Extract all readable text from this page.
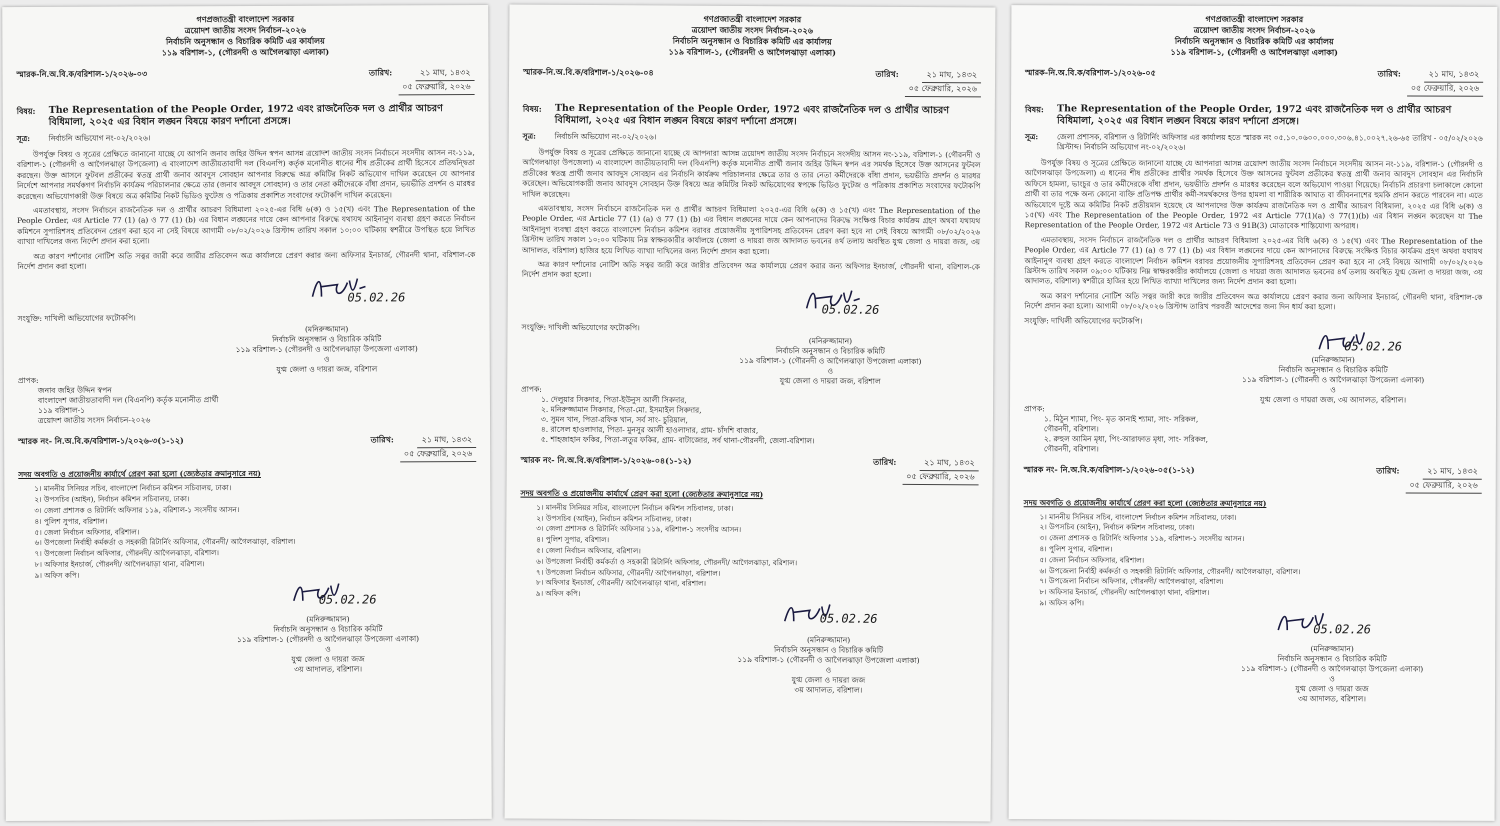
গণপ্রজাতন্ত্রী বাংলাদেশ সরকার
ত্রয়োদশ জাতীয় সংসদ নির্বাচন-২০২৬
নির্বাচনি অনুসন্ধান ও বিচারিক কমিটি এর কার্যালয়
১১৯ বরিশাল-১, (গৌরনদী ও আগৈলঝাড়া এলাকা)
স্মারক-নি.অ.বি.ক/বরিশাল-১/২০২৬-০৩	তারিখ:	২১ মাঘ, ১৪৩২
০৫ ফেব্রুয়ারি, ২০২৬
বিষয়:	The Representation of the People Order, 1972 এবং রাজনৈতিক দল ও প্রার্থীর আচরণ বিধিমালা, ২০২৫ এর বিধান লঙ্ঘন বিষয়ে কারণ দর্শানো প্রসঙ্গে।
সূত্র:	নির্বাচনি অভিযোগ নং-০২/২০২৬।

উপর্যুক্ত বিষয় ও সূত্রের প্রেক্ষিতে জানানো যাচ্ছে যে আপনি জনাব জহির উদ্দিন স্বপন আসন্ন ত্রয়োদশ জাতীয় সংসদ নির্বাচনে সংসদীয় আসন নং-১১৯, বরিশাল-১ (গৌরনদী ও আগৈলঝাড়া উপজেলা) এ বাংলাদেশ জাতীয়তাবাদী দল (বিএনপি) কর্তৃক মনোনীত ধানের শীষ প্রতীকের প্রার্থী হিসেবে প্রতিদ্বন্দ্বিতা করছেন। উক্ত আসনে ফুটবল প্রতীকের স্বতন্ত্র প্রার্থী জনাব আবদুস সোবহান আপনার বিরুদ্ধে অত্র কমিটির নিকট অভিযোগ দাখিল করেছেন যে আপনার নির্দেশে আপনার সমর্থকগণ নির্বাচনি কার্যক্রম পরিচালনার ক্ষেত্রে তার (জনাব আবদুস সোবহান) ও তার নেতা কর্মীদেরকে বাঁধা প্রদান, ভয়ভীতি প্রদর্শন ও মারধর করেছেন। অভিযোগকারী উক্ত বিষয়ে অত্র কমিটির নিকট ভিডিও ফুটেজ ও পত্রিকায় প্রকাশিত সংবাদের ফটোকপি দাখিল করেছেন।

এমতাবস্থায়, সংসদ নির্বাচনে রাজনৈতিক দল ও প্রার্থীর আচরণ বিধিমালা ২০২৫-এর বিধি ৬(ক) ও ১৫(খ) এবং The Representation of the People Order, এর Article 77 (1) (a) ও 77 (1) (b) এর বিধান লঙ্ঘনের দায়ে কেন আপনার বিরুদ্ধে যথাযথ আইনানুগ ব্যবস্থা গ্রহণ করতে নির্বাচন কমিশনে সুপারিশসহ প্রতিবেদন প্রেরণ করা হবে না সেই বিষয়ে আগামী ০৮/০২/২০২৬ খ্রিস্টাব্দ তারিখ সকাল ১০:০০ ঘটিকায় স্বশরীরে উপস্থিত হয়ে লিখিত ব্যাখ্যা দাখিলের জন্য নির্দেশ প্রদান করা হলো।

অত্র কারণ দর্শানোর নোটিশ অতি সত্বর জারী করে জারীর প্রতিবেদন অত্র কার্যালয়ে প্রেরণ করার জন্য অফিসার ইনচার্জ, গৌরনদী থানা, বরিশাল-কে নির্দেশ প্রদান করা হলো।

05.02.26
সংযুক্তি: দাখিলী অভিযোগের ফটোকপি।
(মনিরুজ্জামান)
নির্বাচনি অনুসন্ধান ও বিচারিক কমিটি
১১৯ বরিশাল-১ (গৌরনদী ও আগৈলঝাড়া উপজেলা এলাকা)
ও
যুগ্ম জেলা ও দায়রা জজ, বরিশাল
প্রাপক:
জনাব জহির উদ্দিন স্বপন
বাংলাদেশ জাতীয়তাবাদী দল (বিএনপি) কর্তৃক মনোনীত প্রার্থী
১১৯ বরিশাল-১
ত্রয়োদশ জাতীয় সংসদ নির্বাচন-২০২৬
স্মারক নং- নি.অ.বি.ক/বরিশাল-১/২০২৬-৩(১-১২)	তারিখ:	২১ মাঘ, ১৪৩২
০৫ ফেব্রুয়ারি, ২০২৬
সদয় অবগতি ও প্রয়োজনীয় কার্যার্থে প্রেরণ করা হলো (জ্যেষ্ঠতার ক্রমানুসারে নয়)
১। মাননীয় সিনিয়র সচিব, বাংলাদেশ নির্বাচন কমিশন সচিবালয়, ঢাকা।
২। উপসচিব (আইন), নির্বাচন কমিশন সচিবালয়, ঢাকা।
৩। জেলা প্রশাসক ও রিটার্নিং অফিসার ১১৯, বরিশাল-১ সংসদীয় আসন।
৪। পুলিশ সুপার, বরিশাল।
৫। জেলা নির্বাচন অফিসার, বরিশাল।
৬। উপজেলা নির্বাহী কর্মকর্তা ও সহকারী রিটার্নিং অফিসার, গৌরনদী/ আগৈলঝাড়া, বরিশাল।
৭। উপজেলা নির্বাচন অফিসার, গৌরনদী/ আগৈলঝাড়া, বরিশাল।
৮। অফিসার ইনচার্জ, গৌরনদী/ আগৈলঝাড়া থানা, বরিশাল।
৯। অফিস কপি।
05.02.26
(মনিরুজ্জামান)
নির্বাচনি অনুসন্ধান ও বিচারিক কমিটি
১১৯ বরিশাল-১ (গৌরনদী ও আগৈলঝাড়া উপজেলা এলাকা)
ও
যুগ্ম জেলা ও দায়রা জজ
৩য় আদালত, বরিশাল।
গণপ্রজাতন্ত্রী বাংলাদেশ সরকার
ত্রয়োদশ জাতীয় সংসদ নির্বাচন-২০২৬
নির্বাচনি অনুসন্ধান ও বিচারিক কমিটি এর কার্যালয়
১১৯ বরিশাল-১, (গৌরনদী ও আগৈলঝাড়া এলাকা)
স্মারক-নি.অ.বি.ক/বরিশাল-১/২০২৬-০৪	তারিখ:	২১ মাঘ, ১৪৩২
০৫ ফেব্রুয়ারি, ২০২৬
বিষয়:	The Representation of the People Order, 1972 এবং রাজনৈতিক দল ও প্রার্থীর আচরণ বিধিমালা, ২০২৫ এর বিধান লঙ্ঘন বিষয়ে কারণ দর্শানো প্রসঙ্গে।
সূত্র:	নির্বাচনি অভিযোগ নং-০২/২০২৬।

উপর্যুক্ত বিষয় ও সূত্রের প্রেক্ষিতে জানানো যাচ্ছে যে আপনারা আসন্ন ত্রয়োদশ জাতীয় সংসদ নির্বাচনে সংসদীয় আসন নং-১১৯, বরিশাল-১ (গৌরনদী ও আগৈলঝাড়া উপজেলা) এ বাংলাদেশ জাতীয়তাবাদী দল (বিএনপি) কর্তৃক মনোনীত প্রার্থী জনাব জহির উদ্দিন স্বপন এর সমর্থক হিসেবে উক্ত আসনের ফুটবল প্রতীকের স্বতন্ত্র প্রার্থী জনাব আবদুস সোবহান এর নির্বাচনি কার্যক্রম পরিচালনার ক্ষেত্রে তার ও তার নেতা কর্মীদেরকে বাঁধা প্রদান, ভয়ভীতি প্রদর্শন ও মারধর করেছেন। অভিযোগকারী জনাব আবদুস সোবহান উক্ত বিষয়ে অত্র কমিটির নিকট অভিযোগের স্বপক্ষে ভিডিও ফুটেজ ও পত্রিকায় প্রকাশিত সংবাদের ফটোকপি দাখিল করেছেন।

এমতাবস্থায়, সংসদ নির্বাচনে রাজনৈতিক দল ও প্রার্থীর আচরণ বিধিমালা ২০২৫-এর বিধি ৬(ক) ও ১৫(খ) এবং The Representation of the People Order, এর Article 77 (1) (a) ও 77 (1) (b) এর বিধান লঙ্ঘনের দায়ে কেন আপনাদের বিরুদ্ধে সংক্ষিপ্ত বিচার কার্যক্রম গ্রহণ অথবা যথাযথ আইনানুগ ব্যবস্থা গ্রহণ করতে বাংলাদেশ নির্বাচন কমিশন বরাবর প্রয়োজনীয় সুপারিশসহ প্রতিবেদন প্রেরণ করা হবে না সেই বিষয়ে আগামী ০৮/০২/২০২৬ খ্রিস্টাব্দ তারিখ সকাল ১০:০০ ঘটিকায় নিম্ন স্বাক্ষরকারীর কার্যালয়ে (জেলা ও দায়রা জজ আদালত ভবনের ৪র্থ তলায় অবস্থিত যুগ্ম জেলা ও দায়রা জজ, ৩য় আদালত, বরিশাল) হাজির হয়ে লিখিত ব্যাখ্যা দাখিলের জন্য নির্দেশ প্রদান করা হলো।

অত্র কারণ দর্শানোর নোটিশ অতি সত্বর জারী করে জারীর প্রতিবেদন অত্র কার্যালয়ে প্রেরণ করার জন্য অফিসার ইনচার্জ, গৌরনদী থানা, বরিশাল-কে নির্দেশ প্রদান করা হলো।

05.02.26
সংযুক্তি: দাখিলী অভিযোগের ফটোকপি।
(মনিরুজ্জামান)
নির্বাচনি অনুসন্ধান ও বিচারিক কমিটি
১১৯ বরিশাল-১ (গৌরনদী ও আগৈলঝাড়া উপজেলা এলাকা)
ও
যুগ্ম জেলা ও দায়রা জজ, বরিশাল
প্রাপক:
১. দেলুয়ার সিকদার, পিতা-ইউনুস আলী সিকদার,
২. মনিরুজ্জামান সিকদার, পিতা-মো. ইসমাইল সিকদার,
৩. সুমন খান, পিতা-রফিক খান, সর্ব সাং- চুরিয়াল,
৪. রাসেল হাওলাদার, পিতা- মুনসুর আলী হাওলাদার, গ্রাম- চাঁদশি বাজার,
৫. শাহজাহান ফকির, পিতা-লতুর ফকির, গ্রাম- বাটাজোর, সর্ব থানা-গৌরনদী, জেলা-বরিশাল।
স্মারক নং- নি.অ.বি.ক/বরিশাল-১/২০২৬-০৪(১-১২)	তারিখ:	২১ মাঘ, ১৪৩২
০৫ ফেব্রুয়ারি, ২০২৬
সদয় অবগতি ও প্রয়োজনীয় কার্যার্থে প্রেরণ করা হলো (জ্যেষ্ঠতার ক্রমানুসারে নয়)
১। মাননীয় সিনিয়র সচিব, বাংলাদেশ নির্বাচন কমিশন সচিবালয়, ঢাকা।
২। উপসচিব (আইন), নির্বাচন কমিশন সচিবালয়, ঢাকা।
৩। জেলা প্রশাসক ও রিটার্নিং অফিসার ১১৯, বরিশাল-১ সংসদীয় আসন।
৪। পুলিশ সুপার, বরিশাল।
৫। জেলা নির্বাচন অফিসার, বরিশাল।
৬। উপজেলা নির্বাহী কর্মকর্তা ও সহকারী রিটার্নিং অফিসার, গৌরনদী/ আগৈলঝাড়া, বরিশাল।
৭। উপজেলা নির্বাচন অফিসার, গৌরনদী/ আগৈলঝাড়া, বরিশাল।
৮। অফিসার ইনচার্জ, গৌরনদী/ আগৈলঝাড়া থানা, বরিশাল।
৯। অফিস কপি।
05.02.26
(মনিরুজ্জামান)
নির্বাচনি অনুসন্ধান ও বিচারিক কমিটি
১১৯ বরিশাল-১ (গৌরনদী ও আগৈলঝাড়া উপজেলা এলাকা)
ও
যুগ্ম জেলা ও দায়রা জজ
৩য় আদালত, বরিশাল।
গণপ্রজাতন্ত্রী বাংলাদেশ সরকার
ত্রয়োদশ জাতীয় সংসদ নির্বাচন-২০২৬
নির্বাচনি অনুসন্ধান ও বিচারিক কমিটি এর কার্যালয়
১১৯ বরিশাল-১, (গৌরনদী ও আগৈলঝাড়া এলাকা)
স্মারক-নি.অ.বি.ক/বরিশাল-১/২০২৬-০৫	তারিখ:	২১ মাঘ, ১৪৩২
০৫ ফেব্রুয়ারি, ২০২৬
বিষয়:	The Representation of the People Order, 1972 এবং রাজনৈতিক দল ও প্রার্থীর আচরণ বিধিমালা, ২০২৫ এর বিধান লঙ্ঘন বিষয়ে কারণ দর্শানো প্রসঙ্গে।
সূত্র:	জেলা প্রশাসক, বরিশাল ও রিটার্নিং অফিসার এর কার্যালয় হতে স্মারক নং ০৫.১০.০৬০০.০০০.৩০৬.৪১.০০২৭.২৬-৬৫ তারিখ - ০৫/০২/২০২৬ খ্রিস্টাব্দ। নির্বাচনি অভিযোগ নং-০২/২০২৬।

উপর্যুক্ত বিষয় ও সূত্রের প্রেক্ষিতে জানানো যাচ্ছে যে আপনারা আসন্ন ত্রয়োদশ জাতীয় সংসদ নির্বাচনে সংসদীয় আসন নং-১১৯, বরিশাল-১ (গৌরনদী ও আগৈলঝাড়া উপজেলা) এ ধানের শীষ প্রতীকের প্রার্থীর সমর্থক হিসেবে উক্ত আসনের ফুটবল প্রতীকের স্বতন্ত্র প্রার্থী জনাব আবদুস সোবহান এর নির্বাচনি অফিসে হামলা, ভাংচুর ও তার কর্মীদেরকে বাঁধা প্রদান, ভয়ভীতি প্রদর্শন ও মারধর করেছেন বলে অভিযোগ পাওয়া গিয়েছে। নির্বাচনি প্রচারণা চলাকালে কোনো প্রার্থী বা তার পক্ষে অন্য কোনো ব্যক্তি প্রতিপক্ষ প্রার্থীর কর্মী-সমর্থকদের উপর হামলা বা শারীরিক আঘাত বা জীবননাশের হুমকি প্রদান করতে পারবেন না। এতে অভিযোগে দূষ্টে অত্র কমিটির নিকট প্রতীয়মান হয়েছে যে আপনাদের উক্ত কার্যক্রম রাজনৈতিক দল ও প্রার্থীর আচরণ বিধিমালা, ২০২৫ এর বিধি ৬(ক) ও ১৫(খ) এবং The Representation of the People Order, 1972 এর Article 77(1)(a) ও 77(1)(b) এর বিধান লঙ্ঘন করেছেন যা The Representation of the People Order, 1972 এর Article 73 ও 91B(3) মোতাবেক শাস্তিযোগ্য অপরাধ।

এমতাবস্থায়, সংসদ নির্বাচনে রাজনৈতিক দল ও প্রার্থীর আচরণ বিধিমালা ২০২৫-এর বিধি ৬(ক) ও ১৫(খ) এবং The Representation of the People Order, এর Article 77 (1) (a) ও 77 (1) (b) এর বিধান লঙ্ঘনের দায়ে কেন আপনাদের বিরুদ্ধে সংক্ষিপ্ত বিচার কার্যক্রম গ্রহণ অথবা যথাযথ আইনানুগ ব্যবস্থা গ্রহণ করতে বাংলাদেশ নির্বাচন কমিশন বরাবর প্রয়োজনীয় সুপারিশসহ প্রতিবেদন প্রেরণ করা হবে না সেই বিষয়ে আগামী ০৮/০২/২০২৬ খ্রিস্টাব্দ তারিখ সকাল ০৯:০০ ঘটিকায় নিম্ন স্বাক্ষরকারীর কার্যালয়ে (জেলা ও দায়রা জজ আদালত ভবনের ৪র্থ তলায় অবস্থিত যুগ্ম জেলা ও দায়রা জজ, ৩য় আদালত, বরিশাল) স্বশরীরে হাজির হয়ে লিখিত ব্যাখ্যা দাখিলের জন্য নির্দেশ প্রদান করা হলো।

অত্র কারণ দর্শানোর নোটিশ অতি সত্বর জারী করে জারীর প্রতিবেদন অত্র কার্যালয়ে প্রেরণ করার জন্য অফিসার ইনচার্জ, গৌরনদী থানা, বরিশাল-কে নির্দেশ প্রদান করা হলো। আগামী ০৮/০২/২০২৬ খ্রিস্টাব্দ তারিখ পরবর্তী আদেশের জন্য দিন ধার্য করা হলো।

সংযুক্তি: দাখিলী অভিযোগের ফটোকপি।
05.02.26
(মনিরুজ্জামান)
নির্বাচনি অনুসন্ধান ও বিচারিক কমিটি
১১৯ বরিশাল-১ (গৌরনদী ও আগৈলঝাড়া উপজেলা এলাকা)
ও
যুগ্ম জেলা ও দায়রা জজ, ৩য় আদালত, বরিশাল।
প্রাপক:
১. মিঠুন শ্যামা, পিং- মৃত কানাই শ্যামা, সাং- সরিকল,
গৌরনদী, বরিশাল।
২. রুহুল আমিন মৃধা, পিং-আরাফাত মৃধা, সাং- সরিকল,
গৌরনদী, বরিশাল।
স্মারক নং- নি.অ.বি.ক/বরিশাল-১/২০২৬-০৫(১-১২)	তারিখ:	২১ মাঘ, ১৪৩২
০৫ ফেব্রুয়ারি, ২০২৬
সদয় অবগতি ও প্রয়োজনীয় কার্যার্থে প্রেরণ করা হলো (জ্যেষ্ঠতার ক্রমানুসারে নয়)
১। মাননীয় সিনিয়র সচিব, বাংলাদেশ নির্বাচন কমিশন সচিবালয়, ঢাকা।
২। উপসচিব (আইন), নির্বাচন কমিশন সচিবালয়, ঢাকা।
৩। জেলা প্রশাসক ও রিটার্নিং অফিসার ১১৯, বরিশাল-১ সংসদীয় আসন।
৪। পুলিশ সুপার, বরিশাল।
৫। জেলা নির্বাচন অফিসার, বরিশাল।
৬। উপজেলা নির্বাহী কর্মকর্তা ও সহকারী রিটার্নিং অফিসার, গৌরনদী/ আগৈলঝাড়া, বরিশাল।
৭। উপজেলা নির্বাচন অফিসার, গৌরনদী/ আগৈলঝাড়া, বরিশাল।
৮। অফিসার ইনচার্জ, গৌরনদী/ আগৈলঝাড়া থানা, বরিশাল।
৯। অফিস কপি।
05.02.26
(মনিরুজ্জামান)
নির্বাচনি অনুসন্ধান ও বিচারিক কমিটি
১১৯ বরিশাল-১ (গৌরনদী ও আগৈলঝাড়া উপজেলা এলাকা)
ও
যুগ্ম জেলা ও দায়রা জজ
৩য় আদালত, বরিশাল।
